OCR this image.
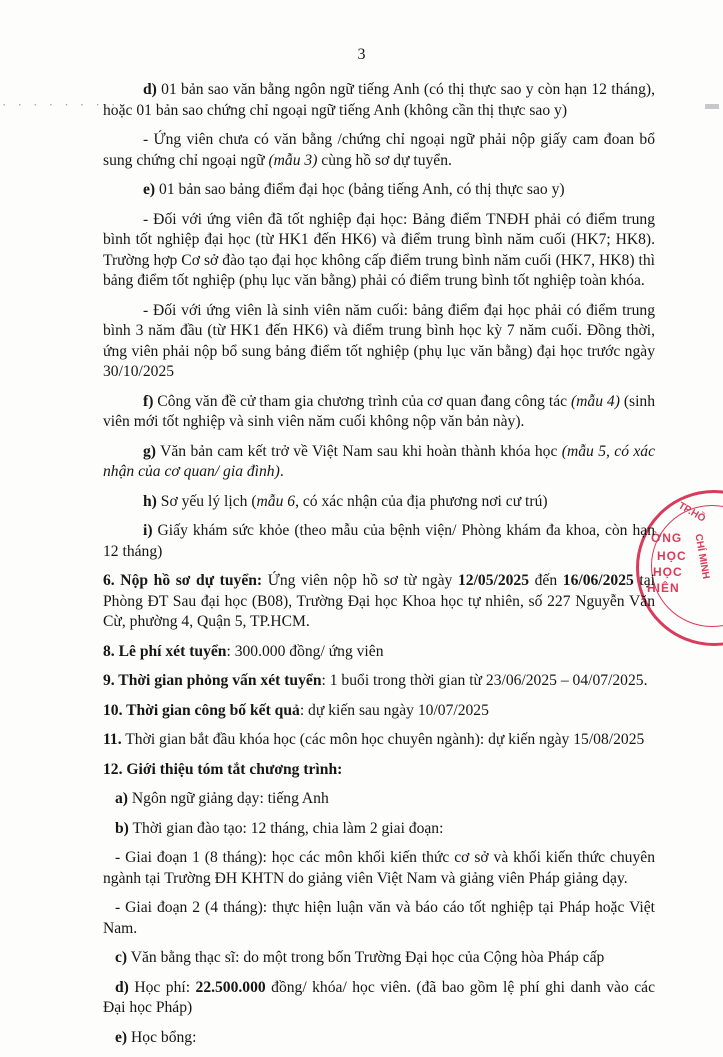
3
· · · · · · · ·
TP.HỒ
CHÍ MINH
ỜNG
HỌC
HỌC
HIÊN

d) 01 bản sao văn bằng ngôn ngữ tiếng Anh (có thị thực sao y còn hạn 12 tháng), hoặc 01 bản sao chứng chỉ ngoại ngữ tiếng Anh (không cần thị thực sao y)

- Ứng viên chưa có văn bằng /chứng chỉ ngoại ngữ phải nộp giấy cam đoan bổ sung chứng chỉ ngoại ngữ (mẫu 3) cùng hồ sơ dự tuyển.

e) 01 bản sao bảng điểm đại học (bảng tiếng Anh, có thị thực sao y)

- Đối với ứng viên đã tốt nghiệp đại học: Bảng điểm TNĐH phải có điểm trung bình tốt nghiệp đại học (từ HK1 đến HK6) và điểm trung bình năm cuối (HK7; HK8). Trường hợp Cơ sở đào tạo đại học không cấp điểm trung bình năm cuối (HK7, HK8) thì bảng điểm tốt nghiệp (phụ lục văn bằng) phải có điểm trung bình tốt nghiệp toàn khóa.

- Đối với ứng viên là sinh viên năm cuối: bảng điểm đại học phải có điểm trung bình 3 năm đầu (từ HK1 đến HK6) và điểm trung bình học kỳ 7 năm cuối. Đồng thời, ứng viên phải nộp bổ sung bảng điểm tốt nghiệp (phụ lục văn bằng) đại học trước ngày 30/10/2025

f) Công văn đề cử tham gia chương trình của cơ quan đang công tác (mẫu 4) (sinh viên mới tốt nghiệp và sinh viên năm cuối không nộp văn bản này).

g) Văn bản cam kết trở về Việt Nam sau khi hoàn thành khóa học (mẫu 5, có xác nhận của cơ quan/ gia đình).

h) Sơ yếu lý lịch (mẫu 6, có xác nhận của địa phương nơi cư trú)

i) Giấy khám sức khỏe (theo mẫu của bệnh viện/ Phòng khám đa khoa, còn hạn 12 tháng)

6. Nộp hồ sơ dự tuyển: Ứng viên nộp hồ sơ từ ngày 12/05/2025 đến 16/06/2025 tại Phòng ĐT Sau đại học (B08), Trường Đại học Khoa học tự nhiên, số 227 Nguyễn Văn Cừ, phường 4, Quận 5, TP.HCM.

8. Lê phí xét tuyển: 300.000 đồng/ ứng viên

9. Thời gian phỏng vấn xét tuyển: 1 buổi trong thời gian từ 23/06/2025 – 04/07/2025.

10. Thời gian công bố kết quả: dự kiến sau ngày 10/07/2025

11. Thời gian bắt đầu khóa học (các môn học chuyên ngành): dự kiến ngày 15/08/2025

12. Giới thiệu tóm tắt chương trình:

a) Ngôn ngữ giảng dạy: tiếng Anh

b) Thời gian đào tạo: 12 tháng, chia làm 2 giai đoạn:

- Giai đoạn 1 (8 tháng): học các môn khối kiến thức cơ sở và khối kiến thức chuyên ngành tại Trường ĐH KHTN do giảng viên Việt Nam và giảng viên Pháp giảng dạy.

- Giai đoạn 2 (4 tháng): thực hiện luận văn và báo cáo tốt nghiệp tại Pháp hoặc Việt Nam.

c) Văn bằng thạc sĩ: do một trong bốn Trường Đại học của Cộng hòa Pháp cấp

d) Học phí: 22.500.000 đồng/ khóa/ học viên. (đã bao gồm lệ phí ghi danh vào các Đại học Pháp)

e) Học bổng:
